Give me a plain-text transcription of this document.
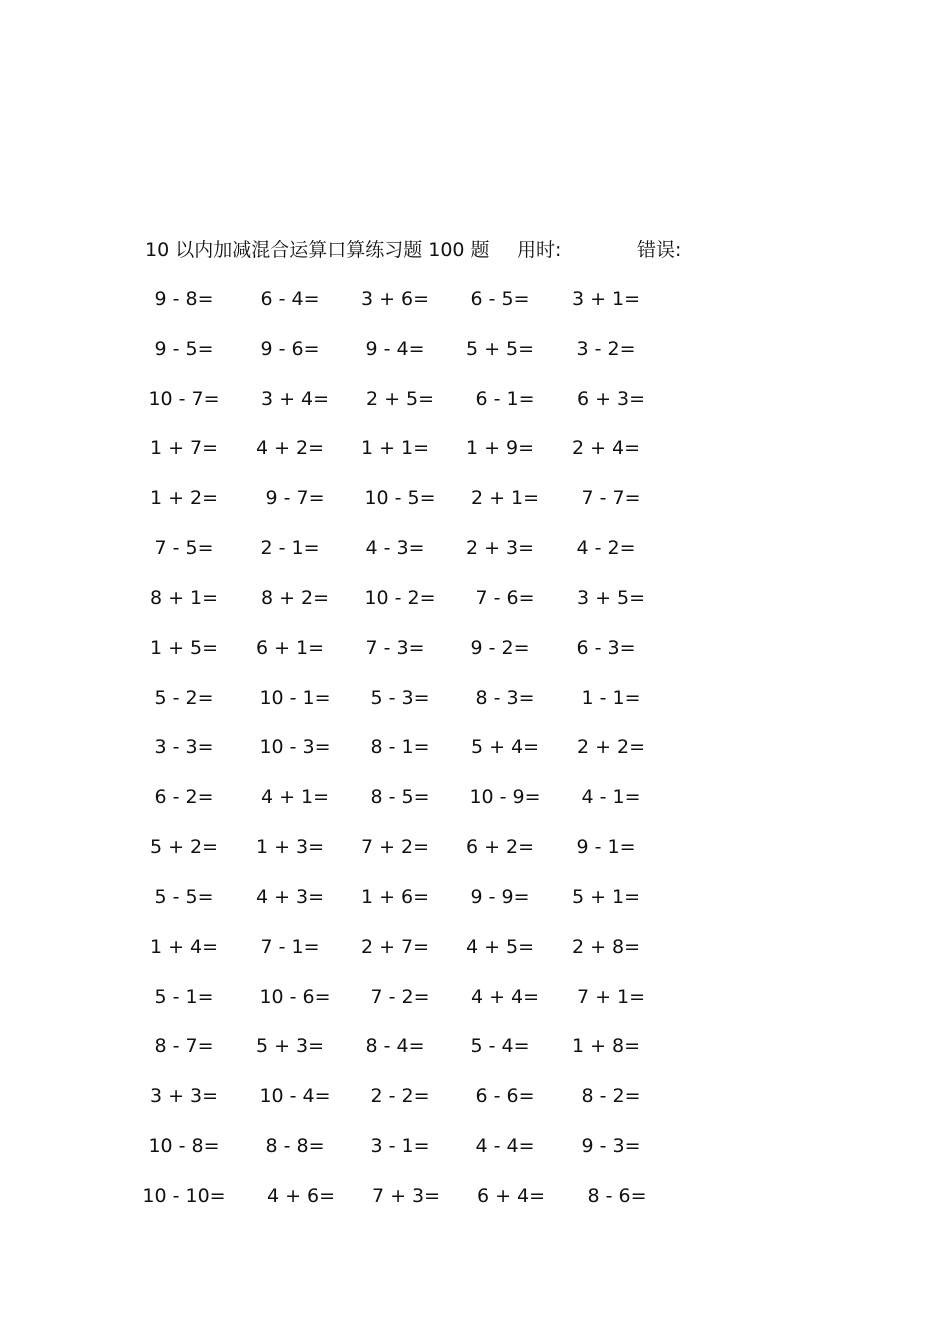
10 以内加减混合运算口算练习题 100 题 用时:	错误:
9 - 8=	6 - 4=	3 + 6=	6 - 5=	3 + 1=
9 - 5=	9 - 6=	9 - 4=	5 + 5=	3 - 2=
10 - 7=	3 + 4=	2 + 5=	6 - 1=	6 + 3=
1 + 7=	4 + 2=	1 + 1=	1 + 9=	2 + 4=
1 + 2=	9 - 7=	10 - 5=	2 + 1=	7 - 7=
7 - 5=	2 - 1=	4 - 3=	2 + 3=	4 - 2=
8 + 1=	8 + 2=	10 - 2=	7 - 6=	3 + 5=
1 + 5=	6 + 1=	7 - 3=	9 - 2=	6 - 3=
5 - 2=	10 - 1=	5 - 3=	8 - 3=	1 - 1=
3 - 3=	10 - 3=	8 - 1=	5 + 4=	2 + 2=
6 - 2=	4 + 1=	8 - 5=	10 - 9=	4 - 1=
5 + 2=	1 + 3=	7 + 2=	6 + 2=	9 - 1=
5 - 5=	4 + 3=	1 + 6=	9 - 9=	5 + 1=
1 + 4=	7 - 1=	2 + 7=	4 + 5=	2 + 8=
5 - 1=	10 - 6=	7 - 2=	4 + 4=	7 + 1=
8 - 7=	5 + 3=	8 - 4=	5 - 4=	1 + 8=
3 + 3=	10 - 4=	2 - 2=	6 - 6=	8 - 2=
10 - 8=	8 - 8=	3 - 1=	4 - 4=	9 - 3=
10 - 10=	4 + 6=	7 + 3=	6 + 4=	8 - 6=
